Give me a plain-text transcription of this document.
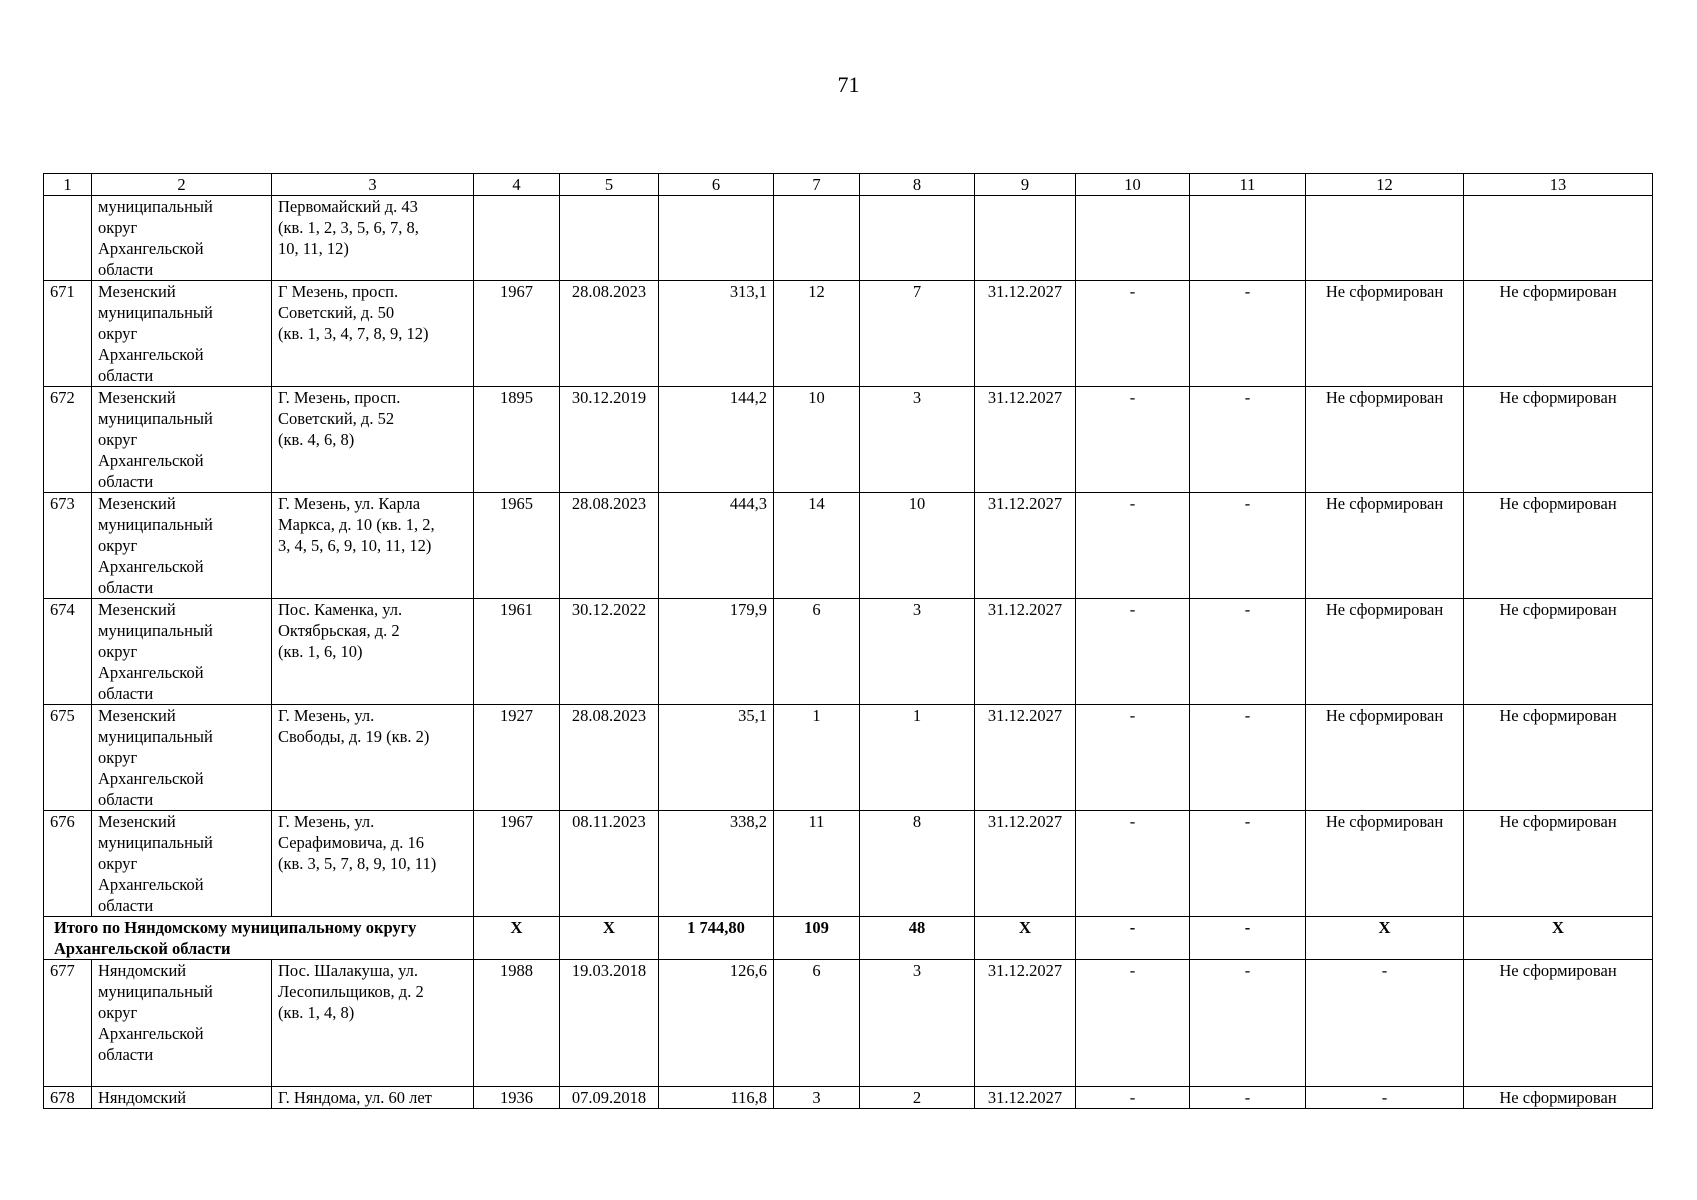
71
1	2	3	4	5	6	7	8	9	10	11	12	13
	муниципальный
округ
Архангельской
области	Первомайский д. 43
(кв. 1, 2, 3, 5, 6, 7, 8,
10, 11, 12)										
671	Мезенский
муниципальный
округ
Архангельской
области	Г Мезень, просп.
Советский, д. 50
(кв. 1, 3, 4, 7, 8, 9, 12)	1967	28.08.2023	313,1	12	7	31.12.2027	-	-	Не сформирован	Не сформирован
672	Мезенский
муниципальный
округ
Архангельской
области	Г. Мезень, просп.
Советский, д. 52
(кв. 4, 6, 8)	1895	30.12.2019	144,2	10	3	31.12.2027	-	-	Не сформирован	Не сформирован
673	Мезенский
муниципальный
округ
Архангельской
области	Г. Мезень, ул. Карла
Маркса, д. 10 (кв. 1, 2,
3, 4, 5, 6, 9, 10, 11, 12)	1965	28.08.2023	444,3	14	10	31.12.2027	-	-	Не сформирован	Не сформирован
674	Мезенский
муниципальный
округ
Архангельской
области	Пос. Каменка, ул.
Октябрьская, д. 2
(кв. 1, 6, 10)	1961	30.12.2022	179,9	6	3	31.12.2027	-	-	Не сформирован	Не сформирован
675	Мезенский
муниципальный
округ
Архангельской
области	Г. Мезень, ул.
Свободы, д. 19 (кв. 2)	1927	28.08.2023	35,1	1	1	31.12.2027	-	-	Не сформирован	Не сформирован
676	Мезенский
муниципальный
округ
Архангельской
области	Г. Мезень, ул.
Серафимовича, д. 16
(кв. 3, 5, 7, 8, 9, 10, 11)	1967	08.11.2023	338,2	11	8	31.12.2027	-	-	Не сформирован	Не сформирован
Итого по Няндомскому муниципальному округу Архангельской области			X	X	1 744,80	109	48	X	-	-	X	X
677	Няндомский
муниципальный
округ
Архангельской
области	Пос. Шалакуша, ул.
Лесопильщиков, д. 2
(кв. 1, 4, 8)	1988	19.03.2018	126,6	6	3	31.12.2027	-	-	-	Не сформирован
678	Няндомский	Г. Няндома, ул. 60 лет	1936	07.09.2018	116,8	3	2	31.12.2027	-	-	-	Не сформирован
